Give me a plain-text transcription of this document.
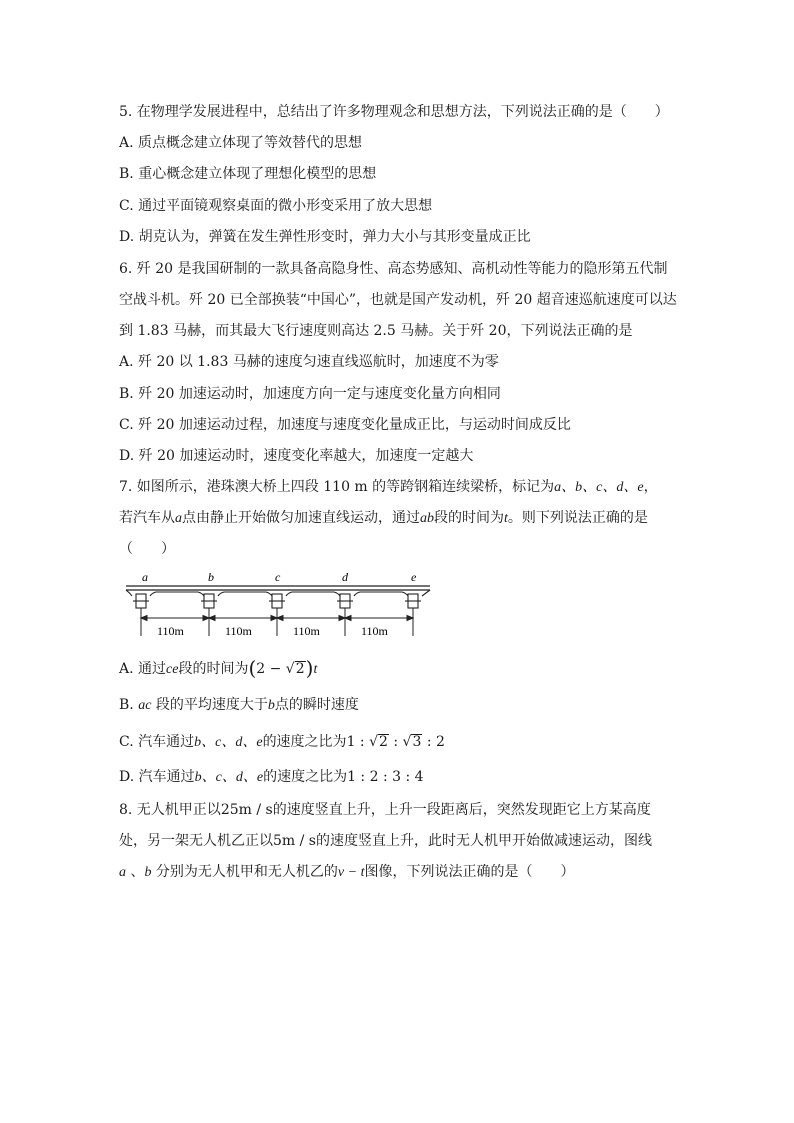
5. 在物理学发展进程中，总结出了许多物理观念和思想方法，下列说法正确的是（　　）
A. 质点概念建立体现了等效替代的思想
B. 重心概念建立体现了理想化模型的思想
C. 通过平面镜观察桌面的微小形变采用了放大思想
D. 胡克认为，弹簧在发生弹性形变时，弹力大小与其形变量成正比
6. 歼 20 是我国研制的一款具备高隐身性、高态势感知、高机动性等能力的隐形第五代制
空战斗机。歼 20 已全部换装“中国心”，也就是国产发动机，歼 20 超音速巡航速度可以达
到 1.83 马赫，而其最大飞行速度则高达 2.5 马赫。关于歼 20，下列说法正确的是
A. 歼 20 以 1.83 马赫的速度匀速直线巡航时，加速度不为零
B. 歼 20 加速运动时，加速度方向一定与速度变化量方向相同
C. 歼 20 加速运动过程，加速度与速度变化量成正比，与运动时间成反比
D. 歼 20 加速运动时，速度变化率越大，加速度一定越大
7. 如图所示，港珠澳大桥上四段 110 m 的等跨钢箱连续梁桥，标记为a、b、c、d、e，
若汽车从a点由静止开始做匀加速直线运动，通过ab段的时间为t。则下列说法正确的是
（　　）
a	b	c	d	e
110m	110m	110m	110m
A. 通过ce段的时间为(2 − √2)t
B. ac 段的平均速度大于b点的瞬时速度
C. 汽车通过b、c、d、e的速度之比为1 : √2 : √3 : 2
D. 汽车通过b、c、d、e的速度之比为1 : 2 : 3 : 4
8. 无人机甲正以25m / s的速度竖直上升，上升一段距离后，突然发现距它上方某高度
处，另一架无人机乙正以5m / s的速度竖直上升，此时无人机甲开始做减速运动，图线
a 、b 分别为无人机甲和无人机乙的v − t图像，下列说法正确的是（　　）
